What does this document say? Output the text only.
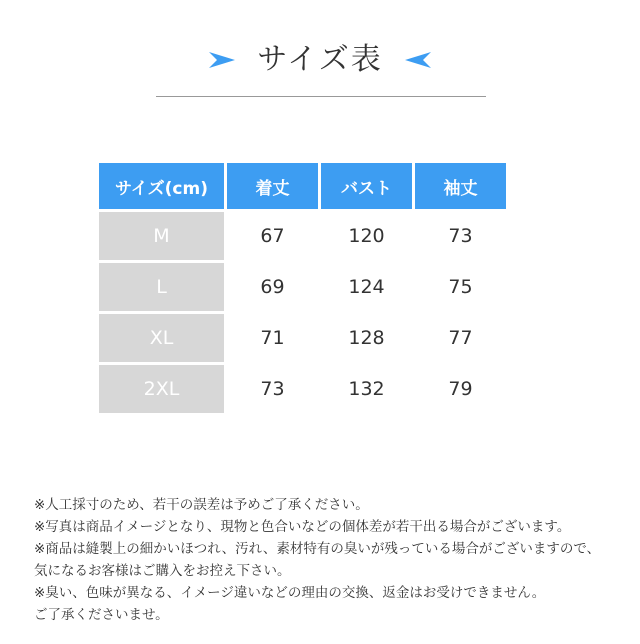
サイズ表
サイズ(cm)	着丈	バスト	袖丈
M	67	120	73
L	69	124	75
XL	71	128	77
2XL	73	132	79

※人工採寸のため、若干の誤差は予めご了承ください。

※写真は商品イメージとなり、現物と色合いなどの個体差が若干出る場合がございます。

※商品は縫製上の細かいほつれ、汚れ、素材特有の臭いが残っている場合がございますので、

気になるお客様はご購入をお控え下さい。

※臭い、色味が異なる、イメージ違いなどの理由の交換、返金はお受けできません。

ご了承くださいませ。
